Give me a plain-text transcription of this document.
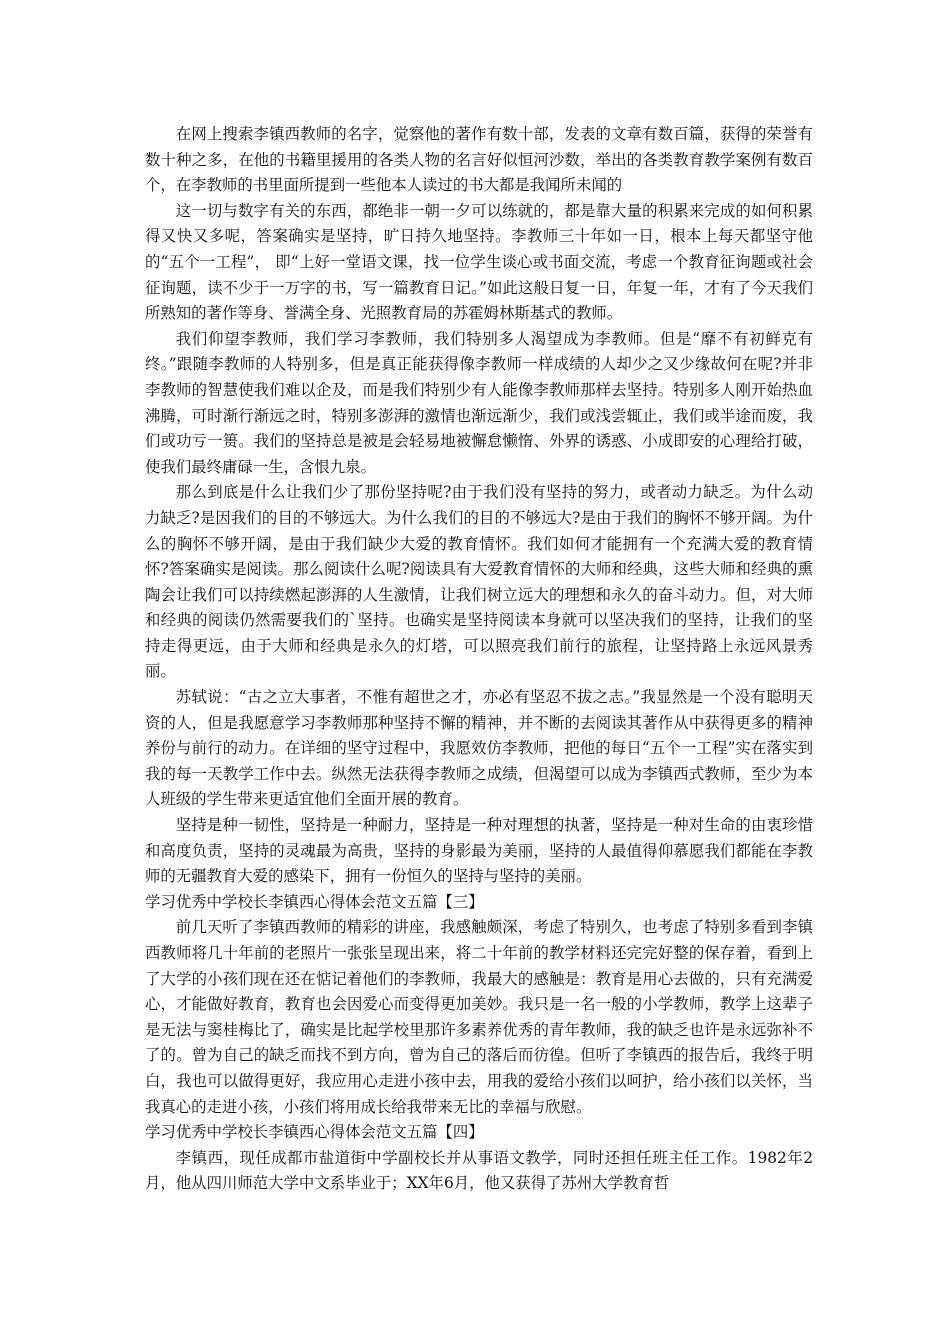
在网上搜索李镇西教师的名字，觉察他的著作有数十部，发表的文章有数百篇，获得的荣誉有数十种之多，在他的书籍里援用的各类人物的名言好似恒河沙数，举出的各类教育教学案例有数百个，在李教师的书里面所提到一些他本人读过的书大都是我闻所未闻的

这一切与数字有关的东西，都绝非一朝一夕可以练就的，都是靠大量的积累来完成的如何积累得又快又多呢，答案确实是坚持，旷日持久地坚持。李教师三十年如一日，根本上每天都坚守他的“五个一工程”， 即“上好一堂语文课，找一位学生谈心或书面交流，考虑一个教育征询题或社会征询题，读不少于一万字的书，写一篇教育日记。”如此这般日复一日，年复一年，才有了今天我们所熟知的著作等身、誉满全身、光照教育局的苏霍姆林斯基式的教师。

我们仰望李教师，我们学习李教师，我们特别多人渴望成为李教师。但是“靡不有初鲜克有终。”跟随李教师的人特别多，但是真正能获得像李教师一样成绩的人却少之又少缘故何在呢?并非李教师的智慧使我们难以企及，而是我们特别少有人能像李教师那样去坚持。特别多人刚开始热血沸腾，可时渐行渐远之时，特别多澎湃的激情也渐远渐少，我们或浅尝辄止，我们或半途而废，我们或功亏一篑。我们的坚持总是被是会轻易地被懈怠懒惰、外界的诱惑、小成即安的心理给打破，使我们最终庸碌一生，含恨九泉。

那么到底是什么让我们少了那份坚持呢?由于我们没有坚持的努力，或者动力缺乏。为什么动力缺乏?是因我们的目的不够远大。为什么我们的目的不够远大?是由于我们的胸怀不够开阔。为什么的胸怀不够开阔，是由于我们缺少大爱的教育情怀。我们如何才能拥有一个充满大爱的教育情怀?答案确实是阅读。那么阅读什么呢?阅读具有大爱教育情怀的大师和经典，这些大师和经典的熏陶会让我们可以持续燃起澎湃的人生激情，让我们树立远大的理想和永久的奋斗动力。但，对大师和经典的阅读仍然需要我们的`坚持。也确实是坚持阅读本身就可以坚决我们的坚持，让我们的坚持走得更远，由于大师和经典是永久的灯塔，可以照亮我们前行的旅程，让坚持路上永远风景秀丽。

苏轼说：“古之立大事者，不惟有超世之才，亦必有坚忍不拔之志。”我显然是一个没有聪明天资的人，但是我愿意学习李教师那种坚持不懈的精神，并不断的去阅读其著作从中获得更多的精神养份与前行的动力。在详细的坚守过程中，我愿效仿李教师，把他的每日“五个一工程”实在落实到我的每一天教学工作中去。纵然无法获得李教师之成绩，但渴望可以成为李镇西式教师，至少为本人班级的学生带来更适宜他们全面开展的教育。

坚持是种一韧性，坚持是一种耐力，坚持是一种对理想的执著，坚持是一种对生命的由衷珍惜和高度负责，坚持的灵魂最为高贵，坚持的身影最为美丽，坚持的人最值得仰慕愿我们都能在李教师的无疆教育大爱的感染下，拥有一份恒久的坚持与坚持的美丽。

学习优秀中学校长李镇西心得体会范文五篇【三】

前几天听了李镇西教师的精彩的讲座，我感触颇深，考虑了特别久，也考虑了特别多看到李镇西教师将几十年前的老照片一张张呈现出来，将二十年前的教学材料还完完好整的保存着，看到上了大学的小孩们现在还在惦记着他们的李教师，我最大的感触是：教育是用心去做的，只有充满爱心，才能做好教育，教育也会因爱心而变得更加美妙。我只是一名一般的小学教师，教学上这辈子是无法与窦桂梅比了，确实是比起学校里那许多素养优秀的青年教师，我的缺乏也许是永远弥补不了的。曾为自己的缺乏而找不到方向，曾为自己的落后而彷徨。但听了李镇西的报告后，我终于明白，我也可以做得更好，我应用心走进小孩中去，用我的爱给小孩们以呵护，给小孩们以关怀，当我真心的走进小孩，小孩们将用成长给我带来无比的幸福与欣慰。

学习优秀中学校长李镇西心得体会范文五篇【四】

李镇西，现任成都市盐道街中学副校长并从事语文教学，同时还担任班主任工作。1982年2月，他从四川师范大学中文系毕业于；XX年6月，他又获得了苏州大学教育哲
